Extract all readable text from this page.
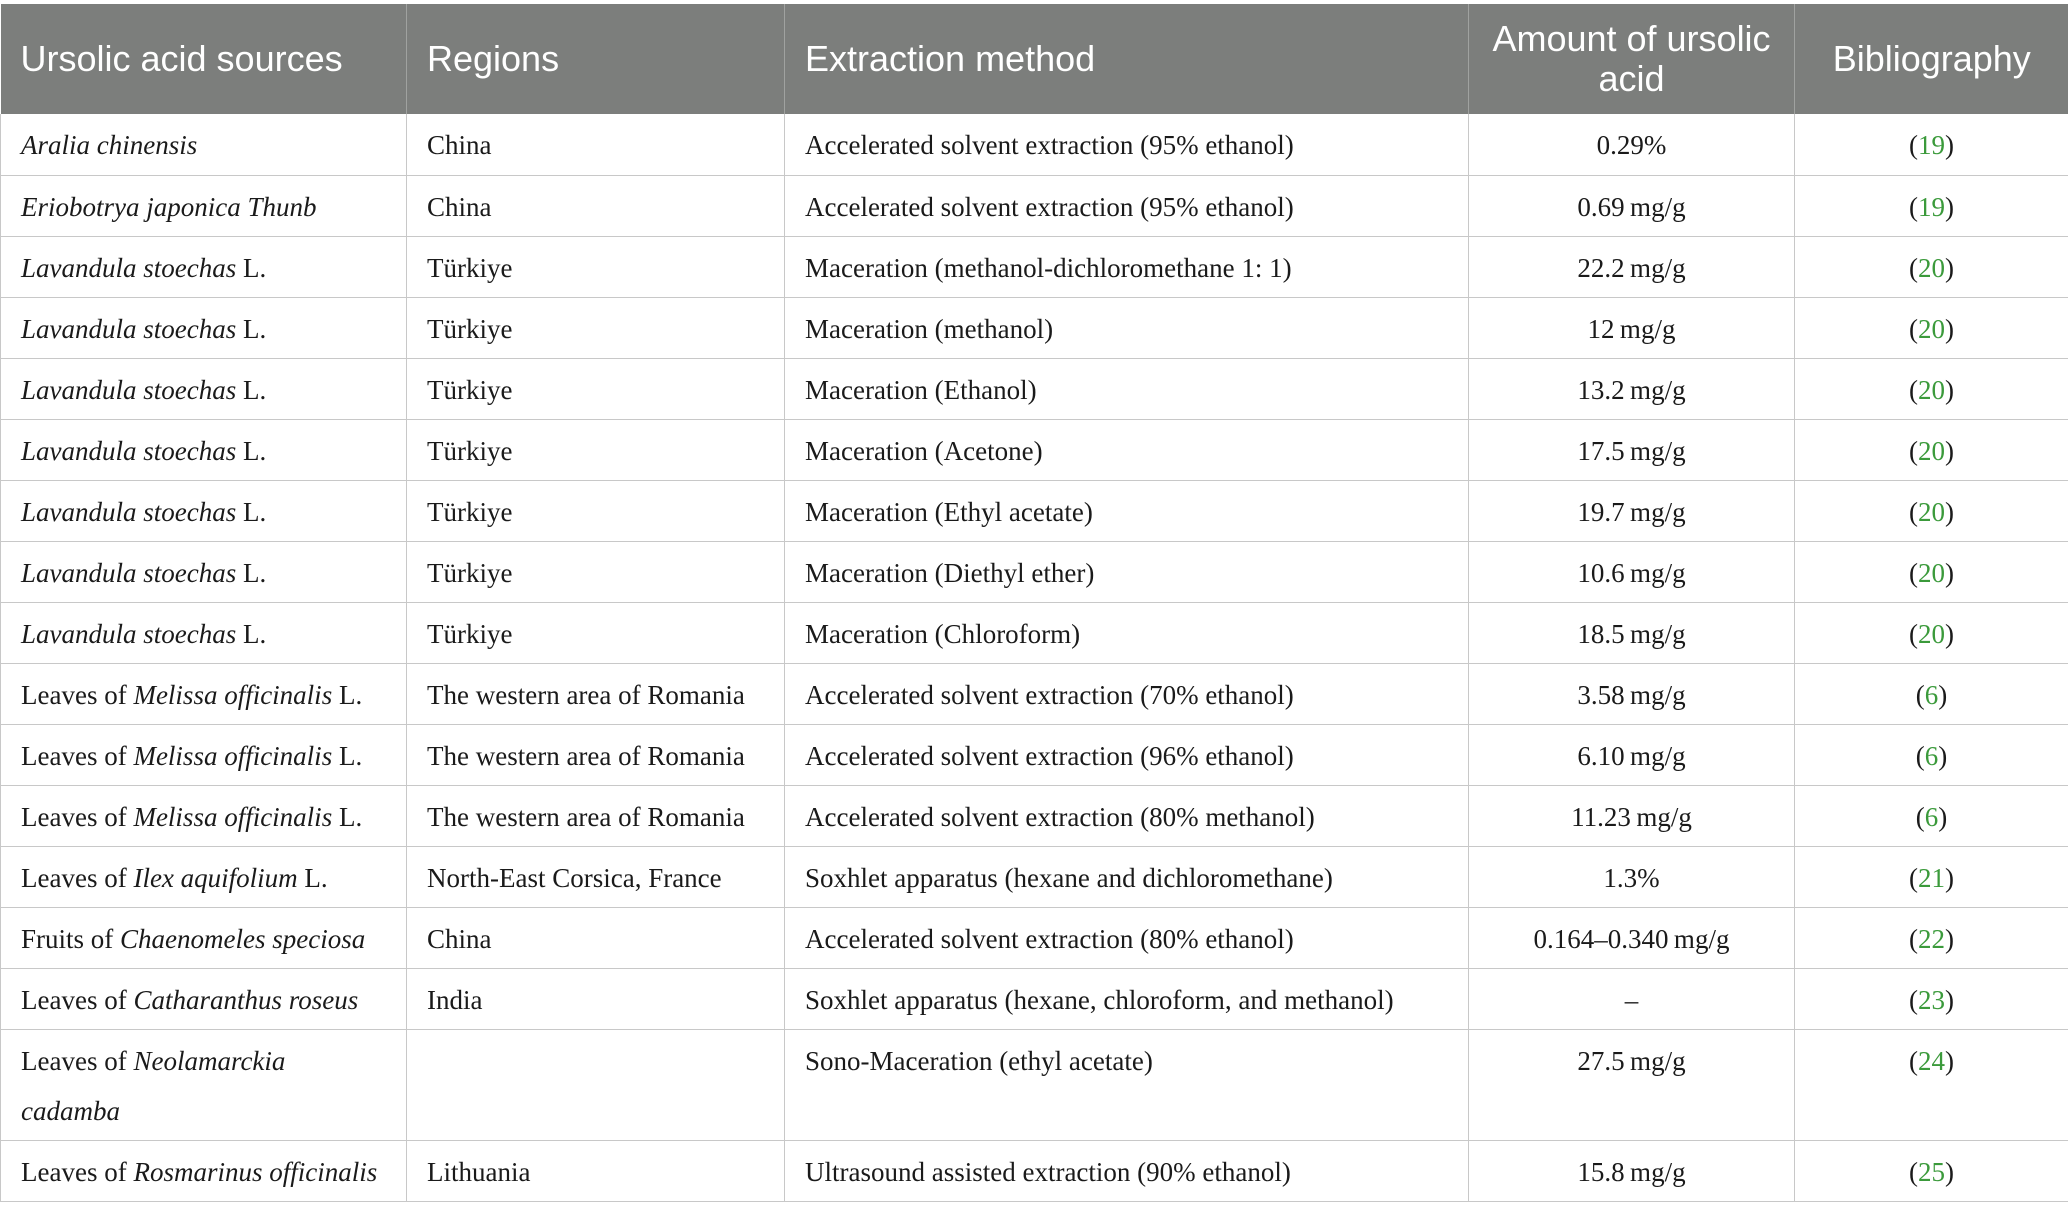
Ursolic acid sources	Regions	Extraction method	Amount of ursolic acid	Bibliography
Aralia chinensis	China	Accelerated solvent extraction (95% ethanol)	0.29%	(19)
Eriobotrya japonica Thunb	China	Accelerated solvent extraction (95% ethanol)	0.69 mg/g	(19)
Lavandula stoechas L.	Türkiye	Maceration (methanol-dichloromethane 1: 1)	22.2 mg/g	(20)
Lavandula stoechas L.	Türkiye	Maceration (methanol)	12 mg/g	(20)
Lavandula stoechas L.	Türkiye	Maceration (Ethanol)	13.2 mg/g	(20)
Lavandula stoechas L.	Türkiye	Maceration (Acetone)	17.5 mg/g	(20)
Lavandula stoechas L.	Türkiye	Maceration (Ethyl acetate)	19.7 mg/g	(20)
Lavandula stoechas L.	Türkiye	Maceration (Diethyl ether)	10.6 mg/g	(20)
Lavandula stoechas L.	Türkiye	Maceration (Chloroform)	18.5 mg/g	(20)
Leaves of Melissa officinalis L.	The western area of Romania	Accelerated solvent extraction (70% ethanol)	3.58 mg/g	(6)
Leaves of Melissa officinalis L.	The western area of Romania	Accelerated solvent extraction (96% ethanol)	6.10 mg/g	(6)
Leaves of Melissa officinalis L.	The western area of Romania	Accelerated solvent extraction (80% methanol)	11.23 mg/g	(6)
Leaves of Ilex aquifolium L.	North-East Corsica, France	Soxhlet apparatus (hexane and dichloromethane)	1.3%	(21)
Fruits of Chaenomeles speciosa	China	Accelerated solvent extraction (80% ethanol)	0.164–0.340 mg/g	(22)
Leaves of Catharanthus roseus	India	Soxhlet apparatus (hexane, chloroform, and methanol)	–	(23)
Leaves of Neolamarckia cadamba		Sono-Maceration (ethyl acetate)	27.5 mg/g	(24)
Leaves of Rosmarinus officinalis	Lithuania	Ultrasound assisted extraction (90% ethanol)	15.8 mg/g	(25)
